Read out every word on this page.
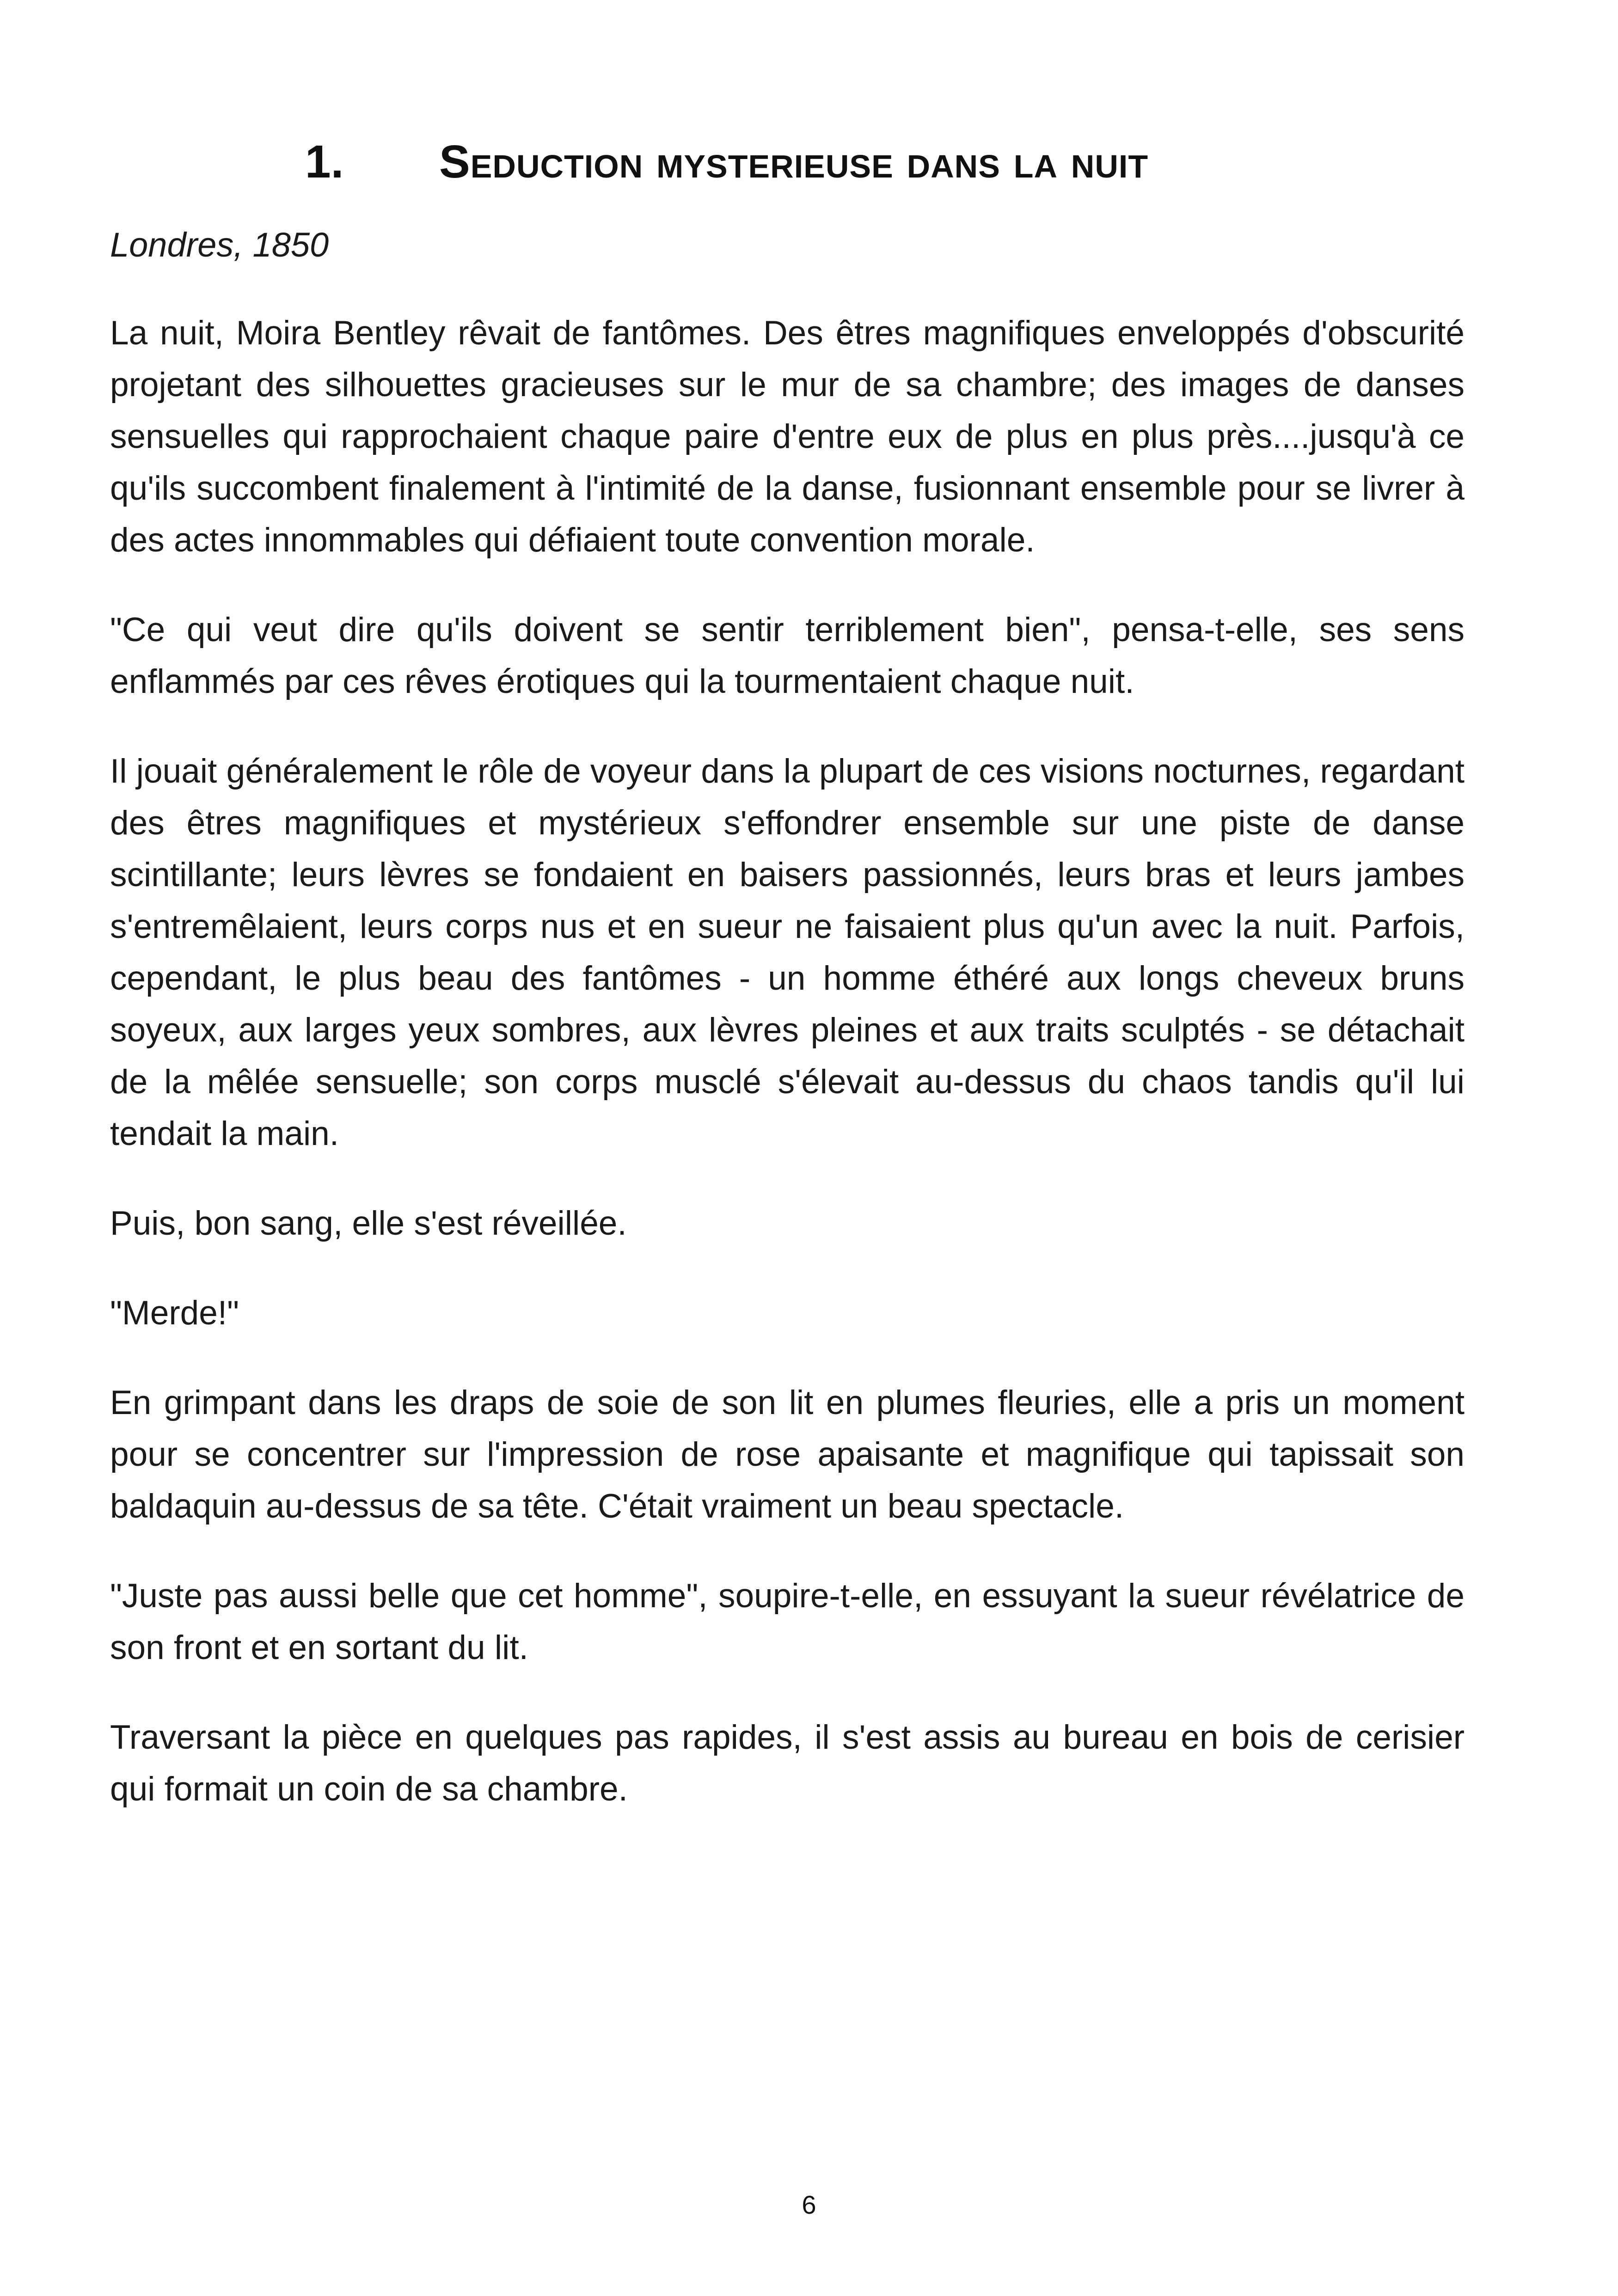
1.	Seduction mysterieuse dans la nuit

Londres, 1850

La nuit, Moira Bentley rêvait de fantômes. Des êtres magnifiques enveloppés d'obscurité projetant des silhouettes gracieuses sur le mur de sa chambre; des images de danses sensuelles qui rapprochaient chaque paire d'entre eux de plus en plus près....jusqu'à ce qu'ils succombent finalement à l'intimité de la danse, fusionnant ensemble pour se livrer à des actes innommables qui défiaient toute convention morale.

"Ce qui veut dire qu'ils doivent se sentir terriblement bien", pensa-t-elle, ses sens enflammés par ces rêves érotiques qui la tourmentaient chaque nuit.

Il jouait généralement le rôle de voyeur dans la plupart de ces visions nocturnes, regardant des êtres magnifiques et mystérieux s'effondrer ensemble sur une piste de danse scintillante; leurs lèvres se fondaient en baisers passionnés, leurs bras et leurs jambes s'entremêlaient, leurs corps nus et en sueur ne faisaient plus qu'un avec la nuit. Parfois, cependant, le plus beau des fantômes - un homme éthéré aux longs cheveux bruns soyeux, aux larges yeux sombres, aux lèvres pleines et aux traits sculptés - se détachait de la mêlée sensuelle; son corps musclé s'élevait au-dessus du chaos tandis qu'il lui tendait la main.

Puis, bon sang, elle s'est réveillée.

"Merde!"

En grimpant dans les draps de soie de son lit en plumes fleuries, elle a pris un moment pour se concentrer sur l'impression de rose apaisante et magnifique qui tapissait son baldaquin au-dessus de sa tête. C'était vraiment un beau spectacle.

"Juste pas aussi belle que cet homme", soupire-t-elle, en essuyant la sueur révélatrice de son front et en sortant du lit.

Traversant la pièce en quelques pas rapides, il s'est assis au bureau en bois de cerisier qui formait un coin de sa chambre.

6
